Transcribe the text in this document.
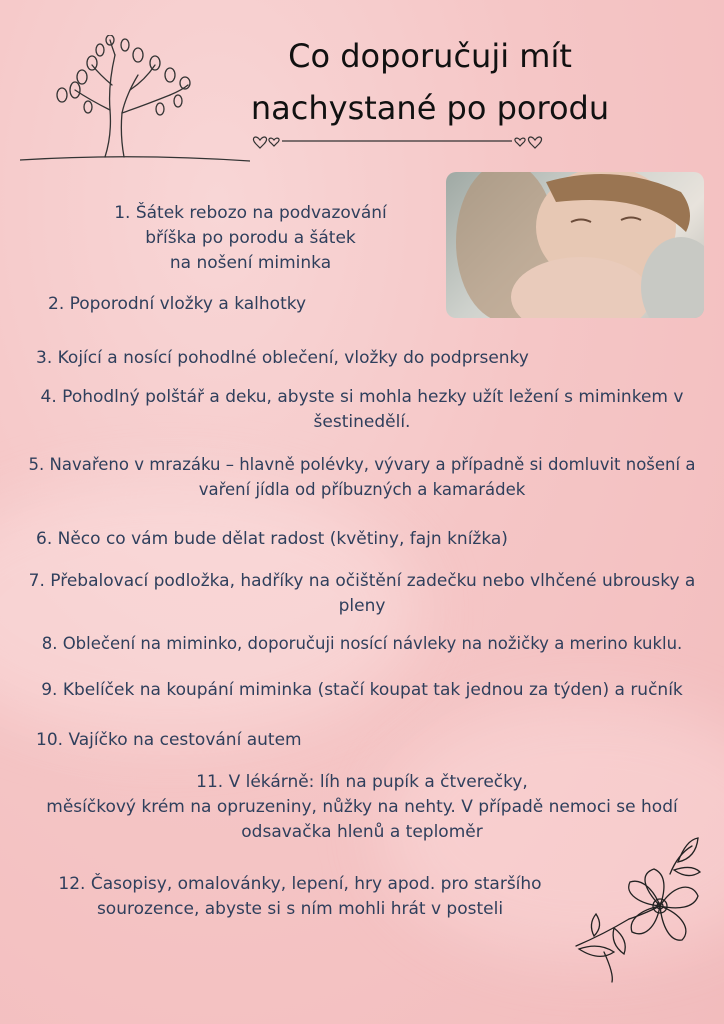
Co doporučuji mít
nachystané po porodu
1. Šátek rebozo na podvazování
bříška po porodu a šátek
na nošení miminka
2. Poporodní vložky a kalhotky
3. Kojící a nosící pohodlné oblečení, vložky do podprsenky
4. Pohodlný polštář a deku, abyste si mohla hezky užít ležení s miminkem v
šestinedělí.
5. Navařeno v mrazáku – hlavně polévky, vývary a případně si domluvit nošení a
vaření jídla od příbuzných a kamarádek
6. Něco co vám bude dělat radost (květiny, fajn knížka)
7. Přebalovací podložka, hadříky na očištění zadečku nebo vlhčené ubrousky a
pleny
8. Oblečení na miminko, doporučuji nosící návleky na nožičky a merino kuklu.
9. Kbelíček na koupání miminka (stačí koupat tak jednou za týden) a ručník
10. Vajíčko na cestování autem
11. V lékárně: líh na pupík a čtverečky,
měsíčkový krém na opruzeniny, nůžky na nehty. V případě nemoci se hodí
odsavačka hlenů a teploměr
12. Časopisy, omalovánky, lepení, hry apod. pro staršího
sourozence, abyste si s ním mohli hrát v posteli
